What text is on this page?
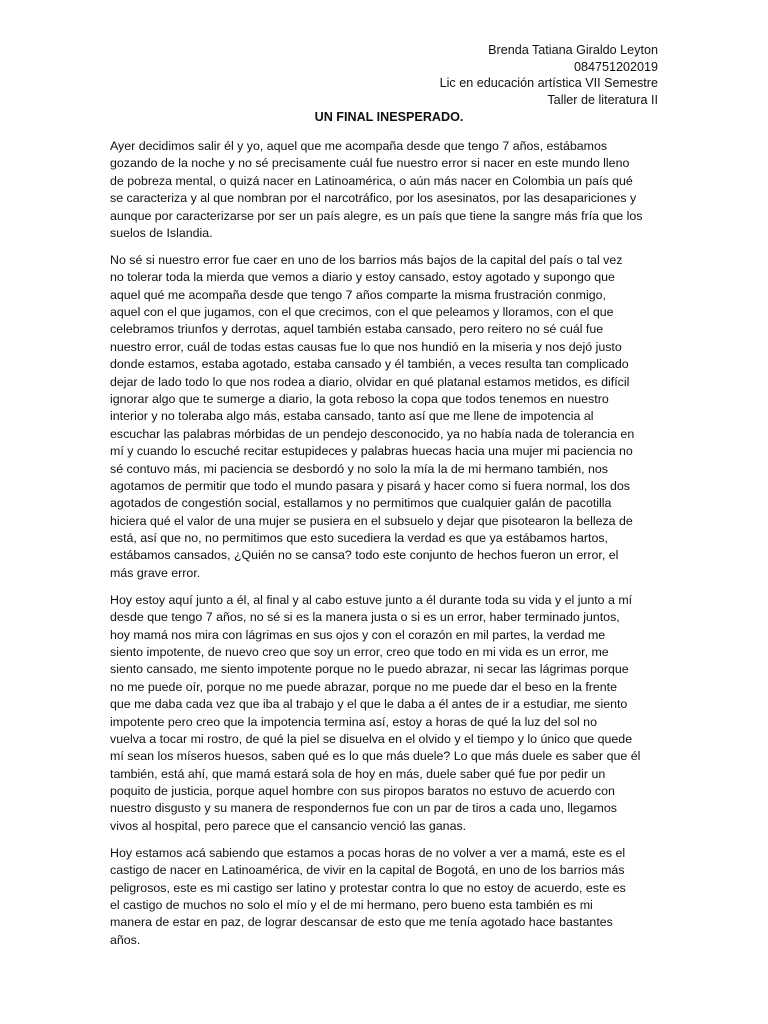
Brenda Tatiana Giraldo Leyton
084751202019
Lic en educación artística VII Semestre
Taller de literatura II
UN FINAL INESPERADO.

Ayer decidimos salir él y yo, aquel que me acompaña desde que tengo 7 años, estábamos
gozando de la noche y no sé precisamente cuál fue nuestro error si nacer en este mundo lleno
de pobreza mental, o quizá nacer en Latinoamérica, o aún más nacer en Colombia un país qué
se caracteriza y al que nombran por el narcotráfico, por los asesinatos, por las desapariciones y
aunque por caracterizarse por ser un país alegre, es un país que tiene la sangre más fría que los
suelos de Islandia.

No sé si nuestro error fue caer en uno de los barrios más bajos de la capital del país o tal vez
no tolerar toda la mierda que vemos a diario y estoy cansado, estoy agotado y supongo que
aquel qué me acompaña desde que tengo 7 años comparte la misma frustración conmigo,
aquel con el que jugamos, con el que crecimos, con el que peleamos y lloramos, con el que
celebramos triunfos y derrotas, aquel también estaba cansado, pero reitero no sé cuál fue
nuestro error, cuál de todas estas causas fue lo que nos hundió en la miseria y nos dejó justo
donde estamos, estaba agotado, estaba cansado y él también, a veces resulta tan complicado
dejar de lado todo lo que nos rodea a diario, olvidar en qué platanal estamos metidos, es difícil
ignorar algo que te sumerge a diario, la gota reboso la copa que todos tenemos en nuestro
interior y no toleraba algo más, estaba cansado, tanto así que me llene de impotencia al
escuchar las palabras mórbidas de un pendejo desconocido, ya no había nada de tolerancia en
mí y cuando lo escuché recitar estupideces y palabras huecas hacia una mujer mi paciencia no
sé contuvo más, mi paciencia se desbordó y no solo la mía la de mi hermano también, nos
agotamos de permitir que todo el mundo pasara y pisará y hacer como si fuera normal, los dos
agotados de congestión social, estallamos y no permitimos que cualquier galán de pacotilla
hiciera qué el valor de una mujer se pusiera en el subsuelo y dejar que pisotearon la belleza de
está, así que no, no permitimos que esto sucediera la verdad es que ya estábamos hartos,
estábamos cansados, ¿Quién no se cansa? todo este conjunto de hechos fueron un error, el
más grave error.

Hoy estoy aquí junto a él, al final y al cabo estuve junto a él durante toda su vida y el junto a mí
desde que tengo 7 años, no sé si es la manera justa o si es un error, haber terminado juntos,
hoy mamá nos mira con lágrimas en sus ojos y con el corazón en mil partes, la verdad me
siento impotente, de nuevo creo que soy un error, creo que todo en mi vida es un error, me
siento cansado, me siento impotente porque no le puedo abrazar, ni secar las lágrimas porque
no me puede oír, porque no me puede abrazar, porque no me puede dar el beso en la frente
que me daba cada vez que iba al trabajo y el que le daba a él antes de ir a estudiar, me siento
impotente pero creo que la impotencia termina así, estoy a horas de qué la luz del sol no
vuelva a tocar mi rostro, de qué la piel se disuelva en el olvido y el tiempo y lo único que quede
mí sean los míseros huesos, saben qué es lo que más duele? Lo que más duele es saber que él
también, está ahí, que mamá estará sola de hoy en más, duele saber qué fue por pedir un
poquito de justicia, porque aquel hombre con sus piropos baratos no estuvo de acuerdo con
nuestro disgusto y su manera de respondernos fue con un par de tiros a cada uno, llegamos
vivos al hospital, pero parece que el cansancio venció las ganas.

Hoy estamos acá sabiendo que estamos a pocas horas de no volver a ver a mamá, este es el
castigo de nacer en Latinoamérica, de vivir en la capital de Bogotá, en uno de los barrios más
peligrosos, este es mi castigo ser latino y protestar contra lo que no estoy de acuerdo, este es
el castigo de muchos no solo el mío y el de mi hermano, pero bueno esta también es mi
manera de estar en paz, de lograr descansar de esto que me tenía agotado hace bastantes
años.
